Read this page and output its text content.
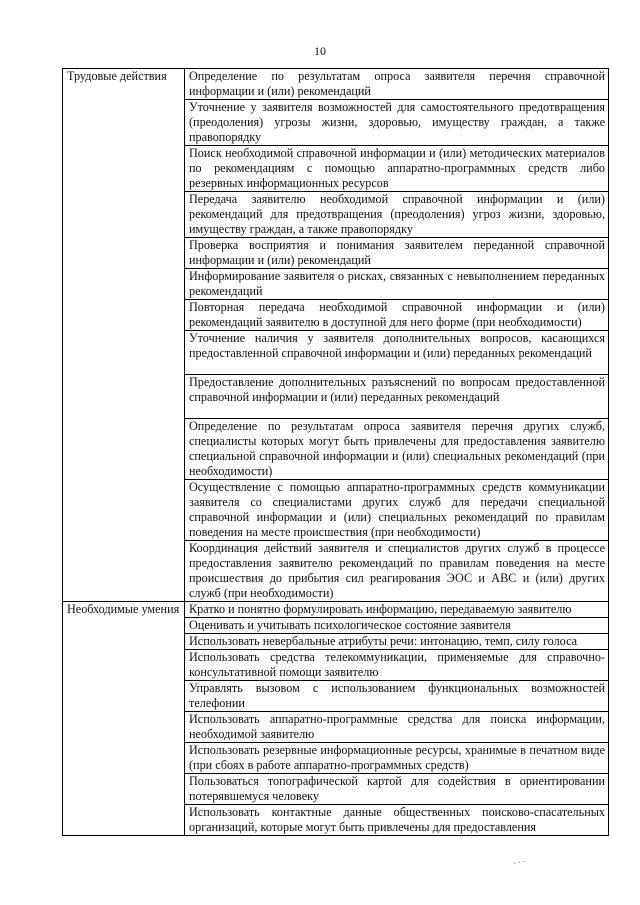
10
Трудовые действия	Определение по результатам опроса заявителя перечня справочной информации и (или) рекомендаций
	Уточнение у заявителя возможностей для самостоятельного предотвращения (преодоления) угрозы жизни, здоровью, имуществу граждан, а также правопорядку
	Поиск необходимой справочной информации и (или) методических материалов по рекомендациям с помощью аппаратно-программных средств либо резервных информационных ресурсов
	Передача заявителю необходимой справочной информации и (или) рекомендаций для предотвращения (преодоления) угроз жизни, здоровью, имуществу граждан, а также правопорядку
	Проверка восприятия и понимания заявителем переданной справочной информации и (или) рекомендаций
	Информирование заявителя о рисках, связанных с невыполнением переданных рекомендаций
	Повторная передача необходимой справочной информации и (или) рекомендаций заявителю в доступной для него форме (при необходимости)
	Уточнение наличия у заявителя дополнительных вопросов, касающихся предоставленной справочной информации и (или) переданных рекомендаций
	Предоставление дополнительных разъяснений по вопросам предоставленной справочной информации и (или) переданных рекомендаций
	Определение по результатам опроса заявителя перечня других служб, специалисты которых могут быть привлечены для предоставления заявителю специальной справочной информации и (или) специальных рекомендаций (при необходимости)
	Осуществление с помощью аппаратно-программных средств коммуникации заявителя со специалистами других служб для передачи специальной справочной информации и (или) специальных рекомендаций по правилам поведения на месте происшествия (при необходимости)
	Координация действий заявителя и специалистов других служб в процессе предоставления заявителю рекомендаций по правилам поведения на месте происшествия до прибытия сил реагирования ЭОС и АВС и (или) других служб (при необходимости)
Необходимые умения	Кратко и понятно формулировать информацию, передаваемую заявителю
	Оценивать и учитывать психологическое состояние заявителя
	Использовать невербальные атрибуты речи: интонацию, темп, силу голоса
	Использовать средства телекоммуникации, применяемые для справочно-консультативной помощи заявителю
	Управлять вызовом с использованием функциональных возможностей телефонии
	Использовать аппаратно-программные средства для поиска информации, необходимой заявителю
	Использовать резервные информационные ресурсы, хранимые в печатном виде (при сбоях в работе аппаратно-программных средств)
	Пользоваться топографической картой для содействия в ориентировании потерявшемуся человеку
	Использовать контактные данные общественных поисково-спасательных организаций, которые могут быть привлечены для предоставления
⋰
